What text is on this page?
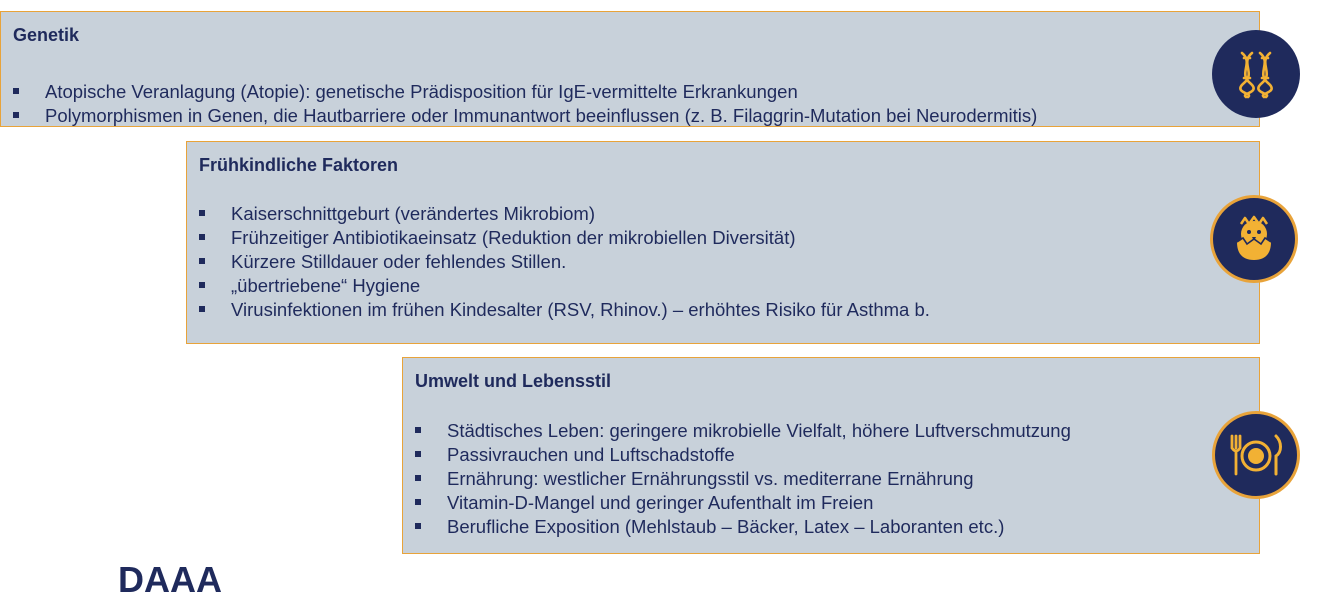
Genetik
Atopische Veranlagung (Atopie): genetische Prädisposition für IgE-vermittelte Erkrankungen
Polymorphismen in Genen, die Hautbarriere oder Immunantwort beeinflussen (z. B. Filaggrin-Mutation bei Neurodermitis)
Frühkindliche Faktoren
Kaiserschnittgeburt (verändertes Mikrobiom)
Frühzeitiger Antibiotikaeinsatz (Reduktion der mikrobiellen Diversität)
Kürzere Stilldauer oder fehlendes Stillen.
„übertriebene“ Hygiene
Virusinfektionen im frühen Kindesalter (RSV, Rhinov.) – erhöhtes Risiko für Asthma b.
Umwelt und Lebensstil
Städtisches Leben: geringere mikrobielle Vielfalt, höhere Luftverschmutzung
Passivrauchen und Luftschadstoffe
Ernährung: westlicher Ernährungsstil vs. mediterrane Ernährung
Vitamin-D-Mangel und geringer Aufenthalt im Freien
Berufliche Exposition (Mehlstaub – Bäcker, Latex – Laboranten etc.)
DAAA
